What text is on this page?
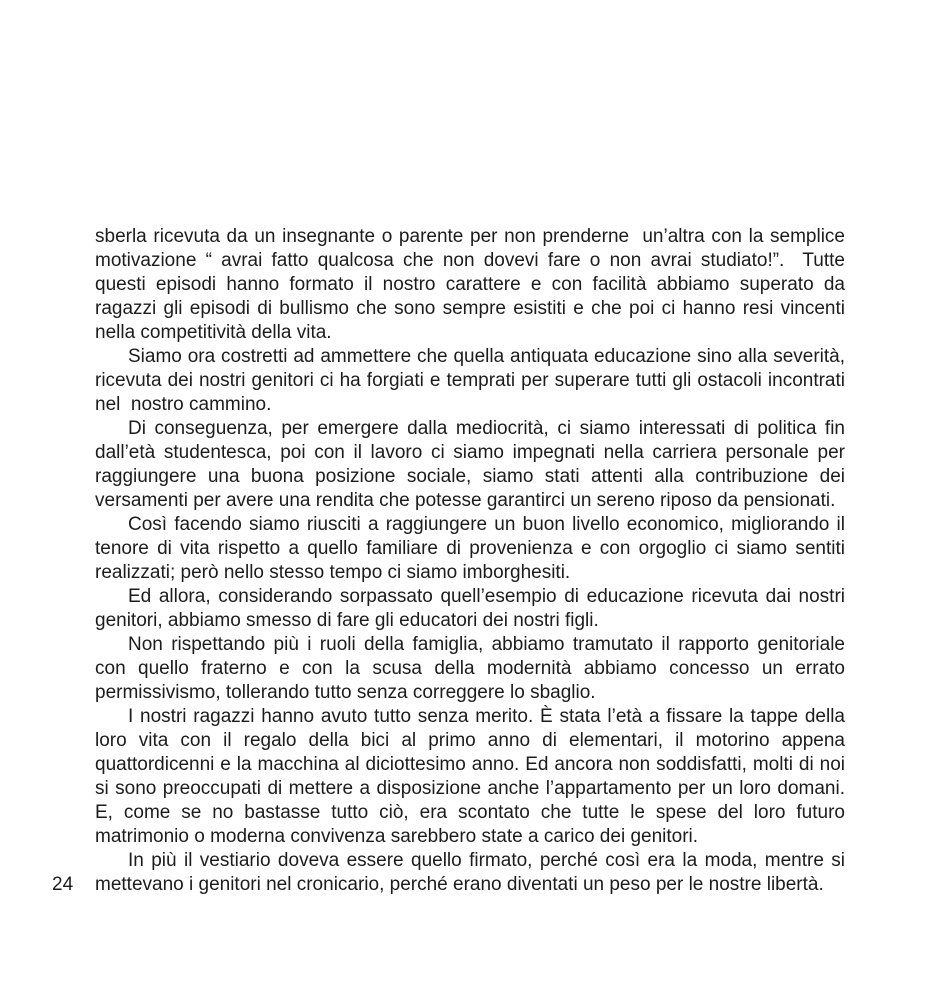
sberla ricevuta da un insegnante o parente per non prenderne  un’altra con la semplice motivazione “ avrai fatto qualcosa che non dovevi fare o non avrai studiato!”.  Tutte questi episodi hanno formato il nostro carattere e con facilità abbiamo superato da ragazzi gli episodi di bullismo che sono sempre esistiti e che poi ci hanno resi vincenti nella competitività della vita.

Siamo ora costretti ad ammettere che quella antiquata educazione sino alla severità, ricevuta dei nostri genitori ci ha forgiati e temprati per superare tutti gli ostacoli incontrati nel  nostro cammino.

Di conseguenza, per emergere dalla mediocrità, ci siamo interessati di politica fin dall’età studentesca, poi con il lavoro ci siamo impegnati nella carriera personale per raggiungere una buona posizione sociale, siamo stati attenti alla contribuzione dei versamenti per avere una rendita che potesse garantirci un sereno riposo da pensionati.

Così facendo siamo riusciti a raggiungere un buon livello economico, migliorando il tenore di vita rispetto a quello familiare di provenienza e con orgoglio ci siamo sentiti realizzati; però nello stesso tempo ci siamo imborghesiti.

Ed allora, considerando sorpassato quell’esempio di educazione ricevuta dai nostri genitori, abbiamo smesso di fare gli educatori dei nostri figli.

Non rispettando più i ruoli della famiglia, abbiamo tramutato il rapporto genitoriale con quello fraterno e con la scusa della modernità abbiamo concesso un errato permissivismo, tollerando tutto senza correggere lo sbaglio.

I nostri ragazzi hanno avuto tutto senza merito. È stata l’età a fissare la tappe della loro vita con il regalo della bici al primo anno di elementari, il motorino appena quattordicenni e la macchina al diciottesimo anno. Ed ancora non soddisfatti, molti di noi si sono preoccupati di mettere a disposizione anche l’appartamento per un loro domani.  E, come se no bastasse tutto ciò, era scontato che tutte le spese del loro futuro matrimonio o moderna convivenza sarebbero state a carico dei genitori.

In più il vestiario doveva essere quello firmato, perché così era la moda, mentre si mettevano i genitori nel cronicario, perché erano diventati un peso per le nostre libertà.

24
